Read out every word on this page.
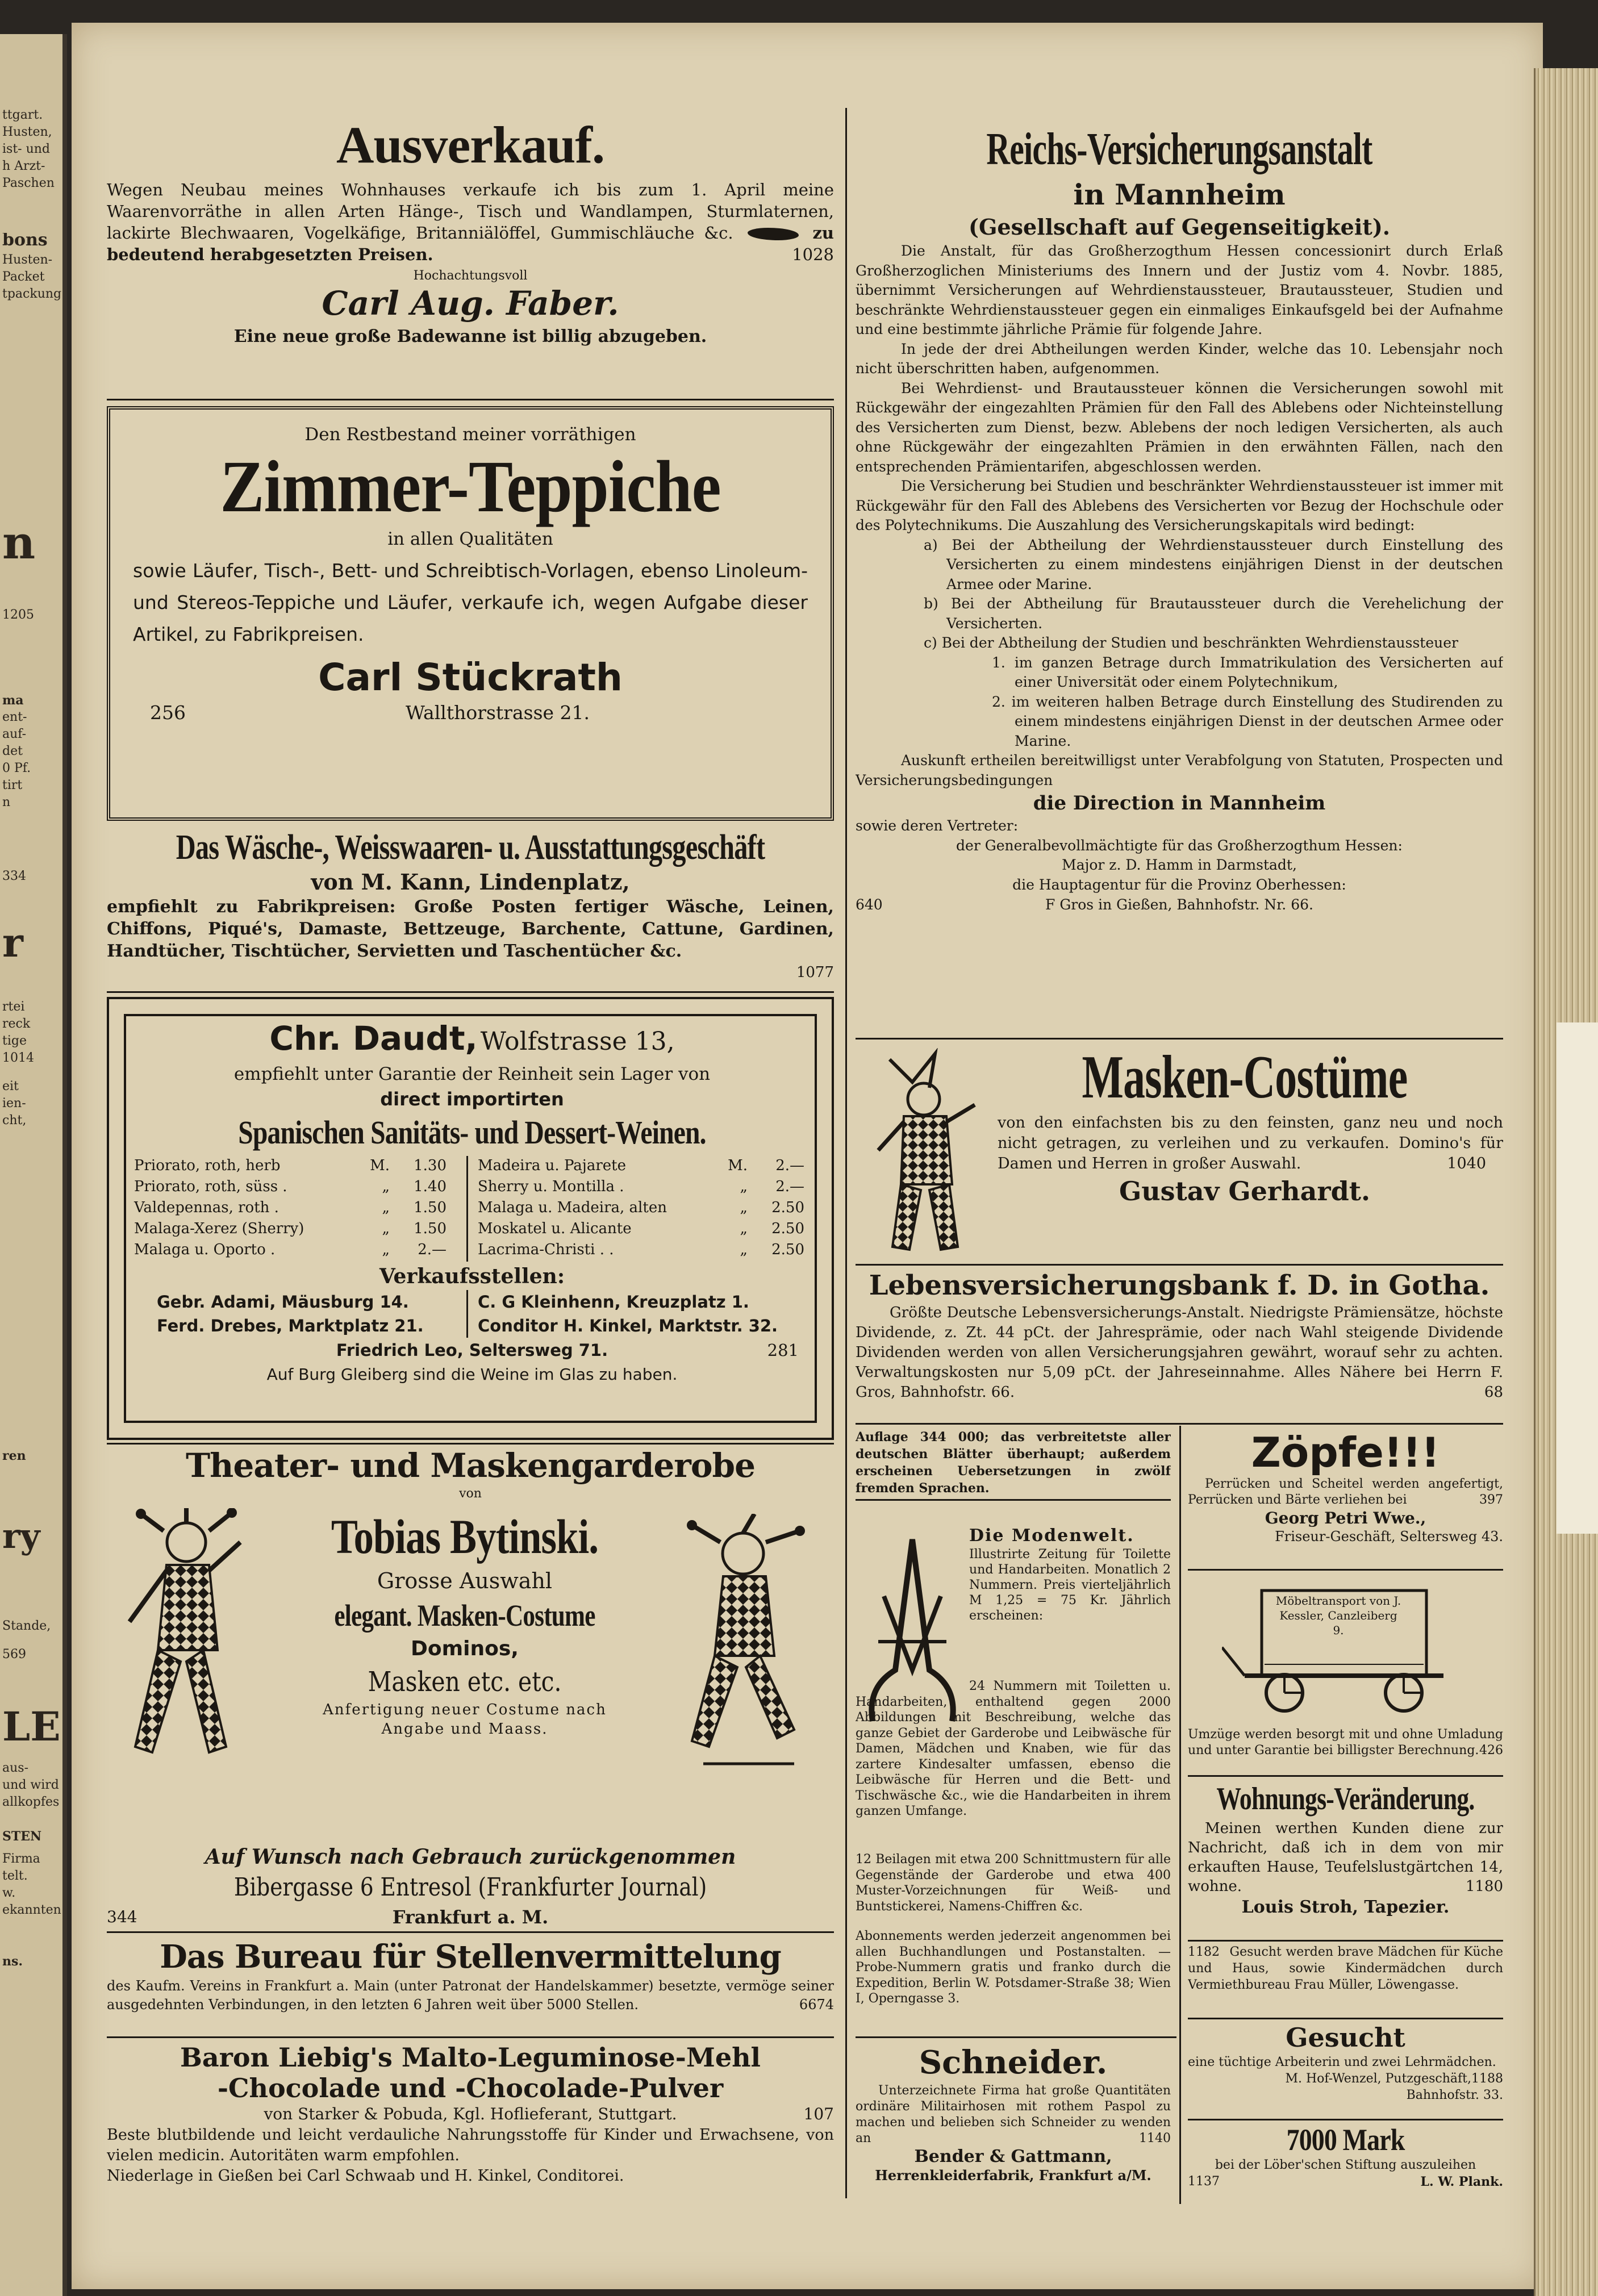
ttgart.
Husten,
ist- und
h Arzt-
Paschen
bons
Husten-
Packet
tpackung
n
1205
ma
ent-
auf-
det
0 Pf.
tirt
n
334
r
rtei
reck
tige
1014
eit
ien-
cht,
ren
ry
Stande,
569
LE
aus-
und wird
allkopfes
STEN
Firma
telt.
w.
ekannten
ns.
Ausverkauf.
Wegen Neubau meines Wohnhauses verkaufe ich bis zum 1. April meine Waarenvorräthe in allen Arten Hänge-, Tisch und Wandlampen, Sturmlaternen, lackirte Blechwaaren, Vogelkäfige, Britanniälöffel, Gummischläuche &c.	zu bedeutend herabgesetzten Preisen.	1028
Hochachtungsvoll
Carl Aug. Faber.
Eine neue große Badewanne ist billig abzugeben.
Den Restbestand meiner vorräthigen
Zimmer-Teppiche
in allen Qualitäten
sowie Läufer, Tisch-, Bett- und Schreibtisch-Vorlagen, ebenso Linoleum- und Stereos-Teppiche und Läufer, verkaufe ich, wegen Aufgabe dieser Artikel, zu Fabrikpreisen.
Carl Stückrath
256	Wallthorstrasse 21.
Das Wäsche-, Weisswaaren- u. Ausstattungsgeschäft
von M. Kann, Lindenplatz,
empfiehlt zu Fabrikpreisen: Große Posten fertiger Wäsche, Leinen, Chiffons, Piqué's, Damaste, Bettzeuge, Barchente, Cattune, Gardinen, Handtücher, Tischtücher, Servietten und Taschentücher &c.
1077
Chr. Daudt, Wolfstrasse 13,
empfiehlt unter Garantie der Reinheit sein Lager von
direct importirten
Spanischen Sanitäts- und Dessert-Weinen.
Priorato, roth, herb	M. 1.30
Priorato, roth, süss .	„ 1.40
Valdepennas, roth .	„ 1.50
Malaga-Xerez (Sherry)	„ 1.50
Malaga u. Oporto .	„ 2.—
Madeira u. Pajarete	M. 2.—
Sherry u. Montilla .	„ 2.—
Malaga u. Madeira, alten	„ 2.50
Moskatel u. Alicante	„ 2.50
Lacrima-Christi . .	„ 2.50
Verkaufsstellen:
Gebr. Adami, Mäusburg 14.	C. G Kleinhenn, Kreuzplatz 1.
Ferd. Drebes, Marktplatz 21.	Conditor H. Kinkel, Marktstr. 32.
Friedrich Leo, Seltersweg 71.	281
Auf Burg Gleiberg sind die Weine im Glas zu haben.
Theater- und Maskengarderobe
von
Tobias Bytinski.
Grosse Auswahl
elegant. Masken-Costume
Dominos,
Masken etc. etc.
Anfertigung neuer Costume nach Angabe und Maass.
Auf Wunsch nach Gebrauch zurückgenommen
Bibergasse 6 Entresol (Frankfurter Journal)
344	Frankfurt a. M.
Das Bureau für Stellenvermittelung
des Kaufm. Vereins in Frankfurt a. Main (unter Patronat der Handelskammer) besetzte, vermöge seiner ausgedehnten Verbindungen, in den letzten 6 Jahren weit über 5000 Stellen.	6674
Baron Liebig's Malto-Leguminose-Mehl
-Chocolade und -Chocolade-Pulver
von Starker & Pobuda, Kgl. Hoflieferant, Stuttgart.	107
Beste blutbildende und leicht verdauliche Nahrungsstoffe für Kinder und Erwachsene, von vielen medicin. Autoritäten warm empfohlen.
Niederlage in Gießen bei Carl Schwaab und H. Kinkel, Conditorei.
Reichs-Versicherungsanstalt
in Mannheim
(Gesellschaft auf Gegenseitigkeit).
Die Anstalt, für das Großherzogthum Hessen concessionirt durch Erlaß Großherzoglichen Ministeriums des Innern und der Justiz vom 4. Novbr. 1885, übernimmt Versicherungen auf Wehrdienstaussteuer, Brautaussteuer, Studien und beschränkte Wehrdienstaussteuer gegen ein einmaliges Einkaufsgeld bei der Aufnahme und eine bestimmte jährliche Prämie für folgende Jahre.
In jede der drei Abtheilungen werden Kinder, welche das 10. Lebensjahr noch nicht überschritten haben, aufgenommen.
Bei Wehrdienst- und Brautaussteuer können die Versicherungen sowohl mit Rückgewähr der eingezahlten Prämien für den Fall des Ablebens oder Nichteinstellung des Versicherten zum Dienst, bezw. Ablebens der noch ledigen Versicherten, als auch ohne Rückgewähr der eingezahlten Prämien in den erwähnten Fällen, nach den entsprechenden Prämientarifen, abgeschlossen werden.
Die Versicherung bei Studien und beschränkter Wehrdienstaussteuer ist immer mit Rückgewähr für den Fall des Ablebens des Versicherten vor Bezug der Hochschule oder des Polytechnikums. Die Auszahlung des Versicherungskapitals wird bedingt:
a) Bei der Abtheilung der Wehrdienstaussteuer durch Einstellung des Versicherten zu einem mindestens einjährigen Dienst in der deutschen Armee oder Marine.
b) Bei der Abtheilung für Brautaussteuer durch die Verehelichung der Versicherten.
c) Bei der Abtheilung der Studien und beschränkten Wehrdienstaussteuer
1. im ganzen Betrage durch Immatrikulation des Versicherten auf einer Universität oder einem Polytechnikum,
2. im weiteren halben Betrage durch Einstellung des Studirenden zu einem mindestens einjährigen Dienst in der deutschen Armee oder Marine.
Auskunft ertheilen bereitwilligst unter Verabfolgung von Statuten, Prospecten und Versicherungsbedingungen
die Direction in Mannheim
sowie deren Vertreter:
der Generalbevollmächtigte für das Großherzogthum Hessen:
Major z. D. Hamm in Darmstadt,
die Hauptagentur für die Provinz Oberhessen:
640	F Gros in Gießen, Bahnhofstr. Nr. 66.
Masken-Costüme
von den einfachsten bis zu den feinsten, ganz neu und noch nicht getragen, zu verleihen und zu verkaufen. Domino's für Damen und Herren in großer Auswahl.	1040
Gustav Gerhardt.
Lebensversicherungsbank f. D. in Gotha.
Größte Deutsche Lebensversicherungs-Anstalt. Niedrigste Prämiensätze, höchste Dividende, z. Zt. 44 pCt. der Jahresprämie, oder nach Wahl steigende Dividende Dividenden werden von allen Versicherungsjahren gewährt, worauf sehr zu achten. Verwaltungskosten nur 5,09 pCt. der Jahreseinnahme. Alles Nähere bei Herrn F. Gros, Bahnhofstr. 66.	68
Auflage 344 000; das verbreitetste aller deutschen Blätter überhaupt; außerdem erscheinen Uebersetzungen in zwölf fremden Sprachen.
Die Modenwelt.
Illustrirte Zeitung für Toilette und Handarbeiten. Monatlich 2 Nummern. Preis vierteljährlich M 1,25 = 75 Kr. Jährlich erscheinen:
24 Nummern mit Toiletten u. Handarbeiten, enthaltend gegen 2000 Abbildungen mit Beschreibung, welche das ganze Gebiet der Garderobe und Leibwäsche für Damen, Mädchen und Knaben, wie für das zartere Kindesalter umfassen, ebenso die Leibwäsche für Herren und die Bett- und Tischwäsche &c., wie die Handarbeiten in ihrem ganzen Umfange.
12 Beilagen mit etwa 200 Schnittmustern für alle Gegenstände der Garderobe und etwa 400 Muster-Vorzeichnungen für Weiß- und Buntstickerei, Namens-Chiffren &c.
Abonnements werden jederzeit angenommen bei allen Buchhandlungen und Postanstalten. — Probe-Nummern gratis und franko durch die Expedition, Berlin W. Potsdamer-Straße 38; Wien I, Operngasse 3.
Schneider.
Unterzeichnete Firma hat große Quantitäten ordinäre Militairhosen mit rothem Paspol zu machen und belieben sich Schneider zu wenden an	1140
Bender & Gattmann,
Herrenkleiderfabrik, Frankfurt a/M.
Zöpfe!!!
Perrücken und Scheitel werden angefertigt, Perrücken und Bärte verliehen bei	397
Georg Petri Wwe.,
Friseur-Geschäft, Seltersweg 43.
Möbeltransport von J. Kessler, Canzleiberg 9.
Umzüge werden besorgt mit und ohne Umladung und unter Garantie bei billigster Berechnung. 426
Wohnungs-Veränderung.
Meinen werthen Kunden diene zur Nachricht, daß ich in dem von mir erkauften Hause, Teufelslustgärtchen 14, wohne.	1180
Louis Stroh, Tapezier.
1182 Gesucht werden brave Mädchen für Küche und Haus, sowie Kindermädchen durch Vermiethbureau Frau Müller, Löwengasse.
Gesucht
eine tüchtige Arbeiterin und zwei Lehrmädchen.
1188
M. Hof-Wenzel, Putzgeschäft,
Bahnhofstr. 33.
7000 Mark
bei der Löber'schen Stiftung auszuleihen
1137	L. W. Plank.
